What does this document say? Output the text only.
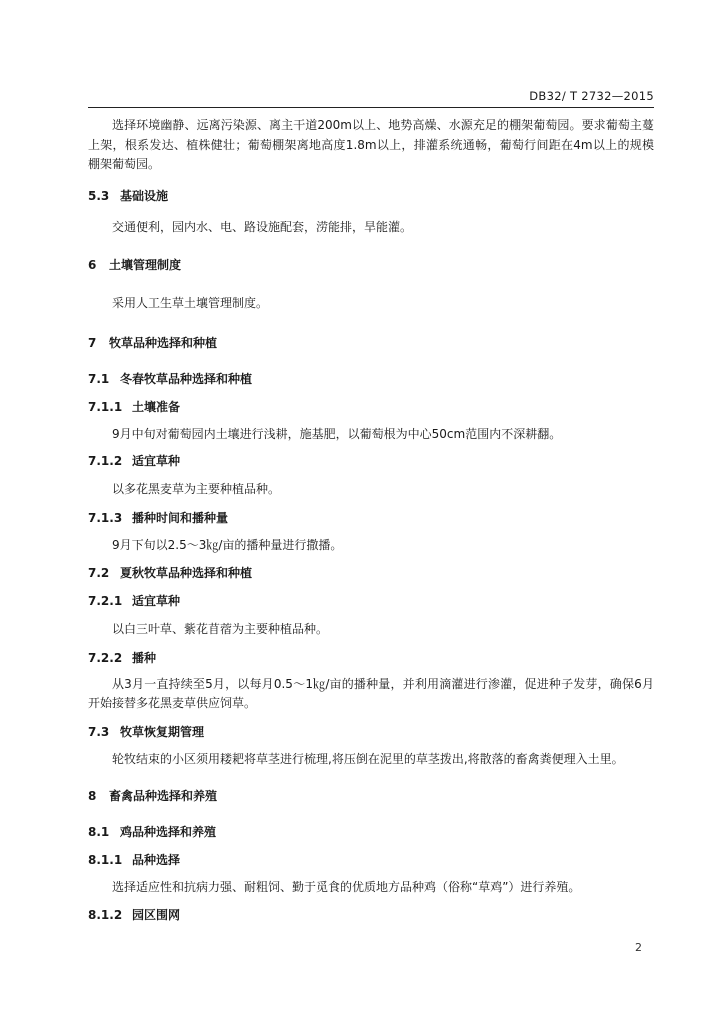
DB32/ T 2732—2015

选择环境幽静、远离污染源、离主干道200m以上、地势高燥、水源充足的棚架葡萄园。要求葡萄主蔓上架，根系发达、植株健壮；葡萄棚架离地高度1.8m以上，排灌系统通畅，葡萄行间距在4m以上的规模棚架葡萄园。

5.3 基础设施

交通便利，园内水、电、路设施配套，涝能排，旱能灌。

6 土壤管理制度

采用人工生草土壤管理制度。

7 牧草品种选择和种植
7.1 冬春牧草品种选择和种植
7.1.1 土壤准备

9月中旬对葡萄园内土壤进行浅耕，施基肥，以葡萄根为中心50cm范围内不深耕翻。

7.1.2 适宜草种

以多花黑麦草为主要种植品种。

7.1.3 播种时间和播种量

9月下旬以2.5～3㎏/亩的播种量进行撒播。

7.2 夏秋牧草品种选择和种植
7.2.1 适宜草种

以白三叶草、紫花苜蓿为主要种植品种。

7.2.2 播种

从3月一直持续至5月，以每月0.5～1㎏/亩的播种量，并利用滴灌进行渗灌，促进种子发芽，确保6月开始接替多花黑麦草供应饲草。

7.3 牧草恢复期管理

轮牧结束的小区须用耧耙将草茎进行梳理,将压倒在泥里的草茎拨出,将散落的畜禽粪便理入土里。

8 畜禽品种选择和养殖
8.1 鸡品种选择和养殖
8.1.1 品种选择

选择适应性和抗病力强、耐粗饲、勤于觅食的优质地方品种鸡（俗称“草鸡”）进行养殖。

8.1.2 园区围网
2
